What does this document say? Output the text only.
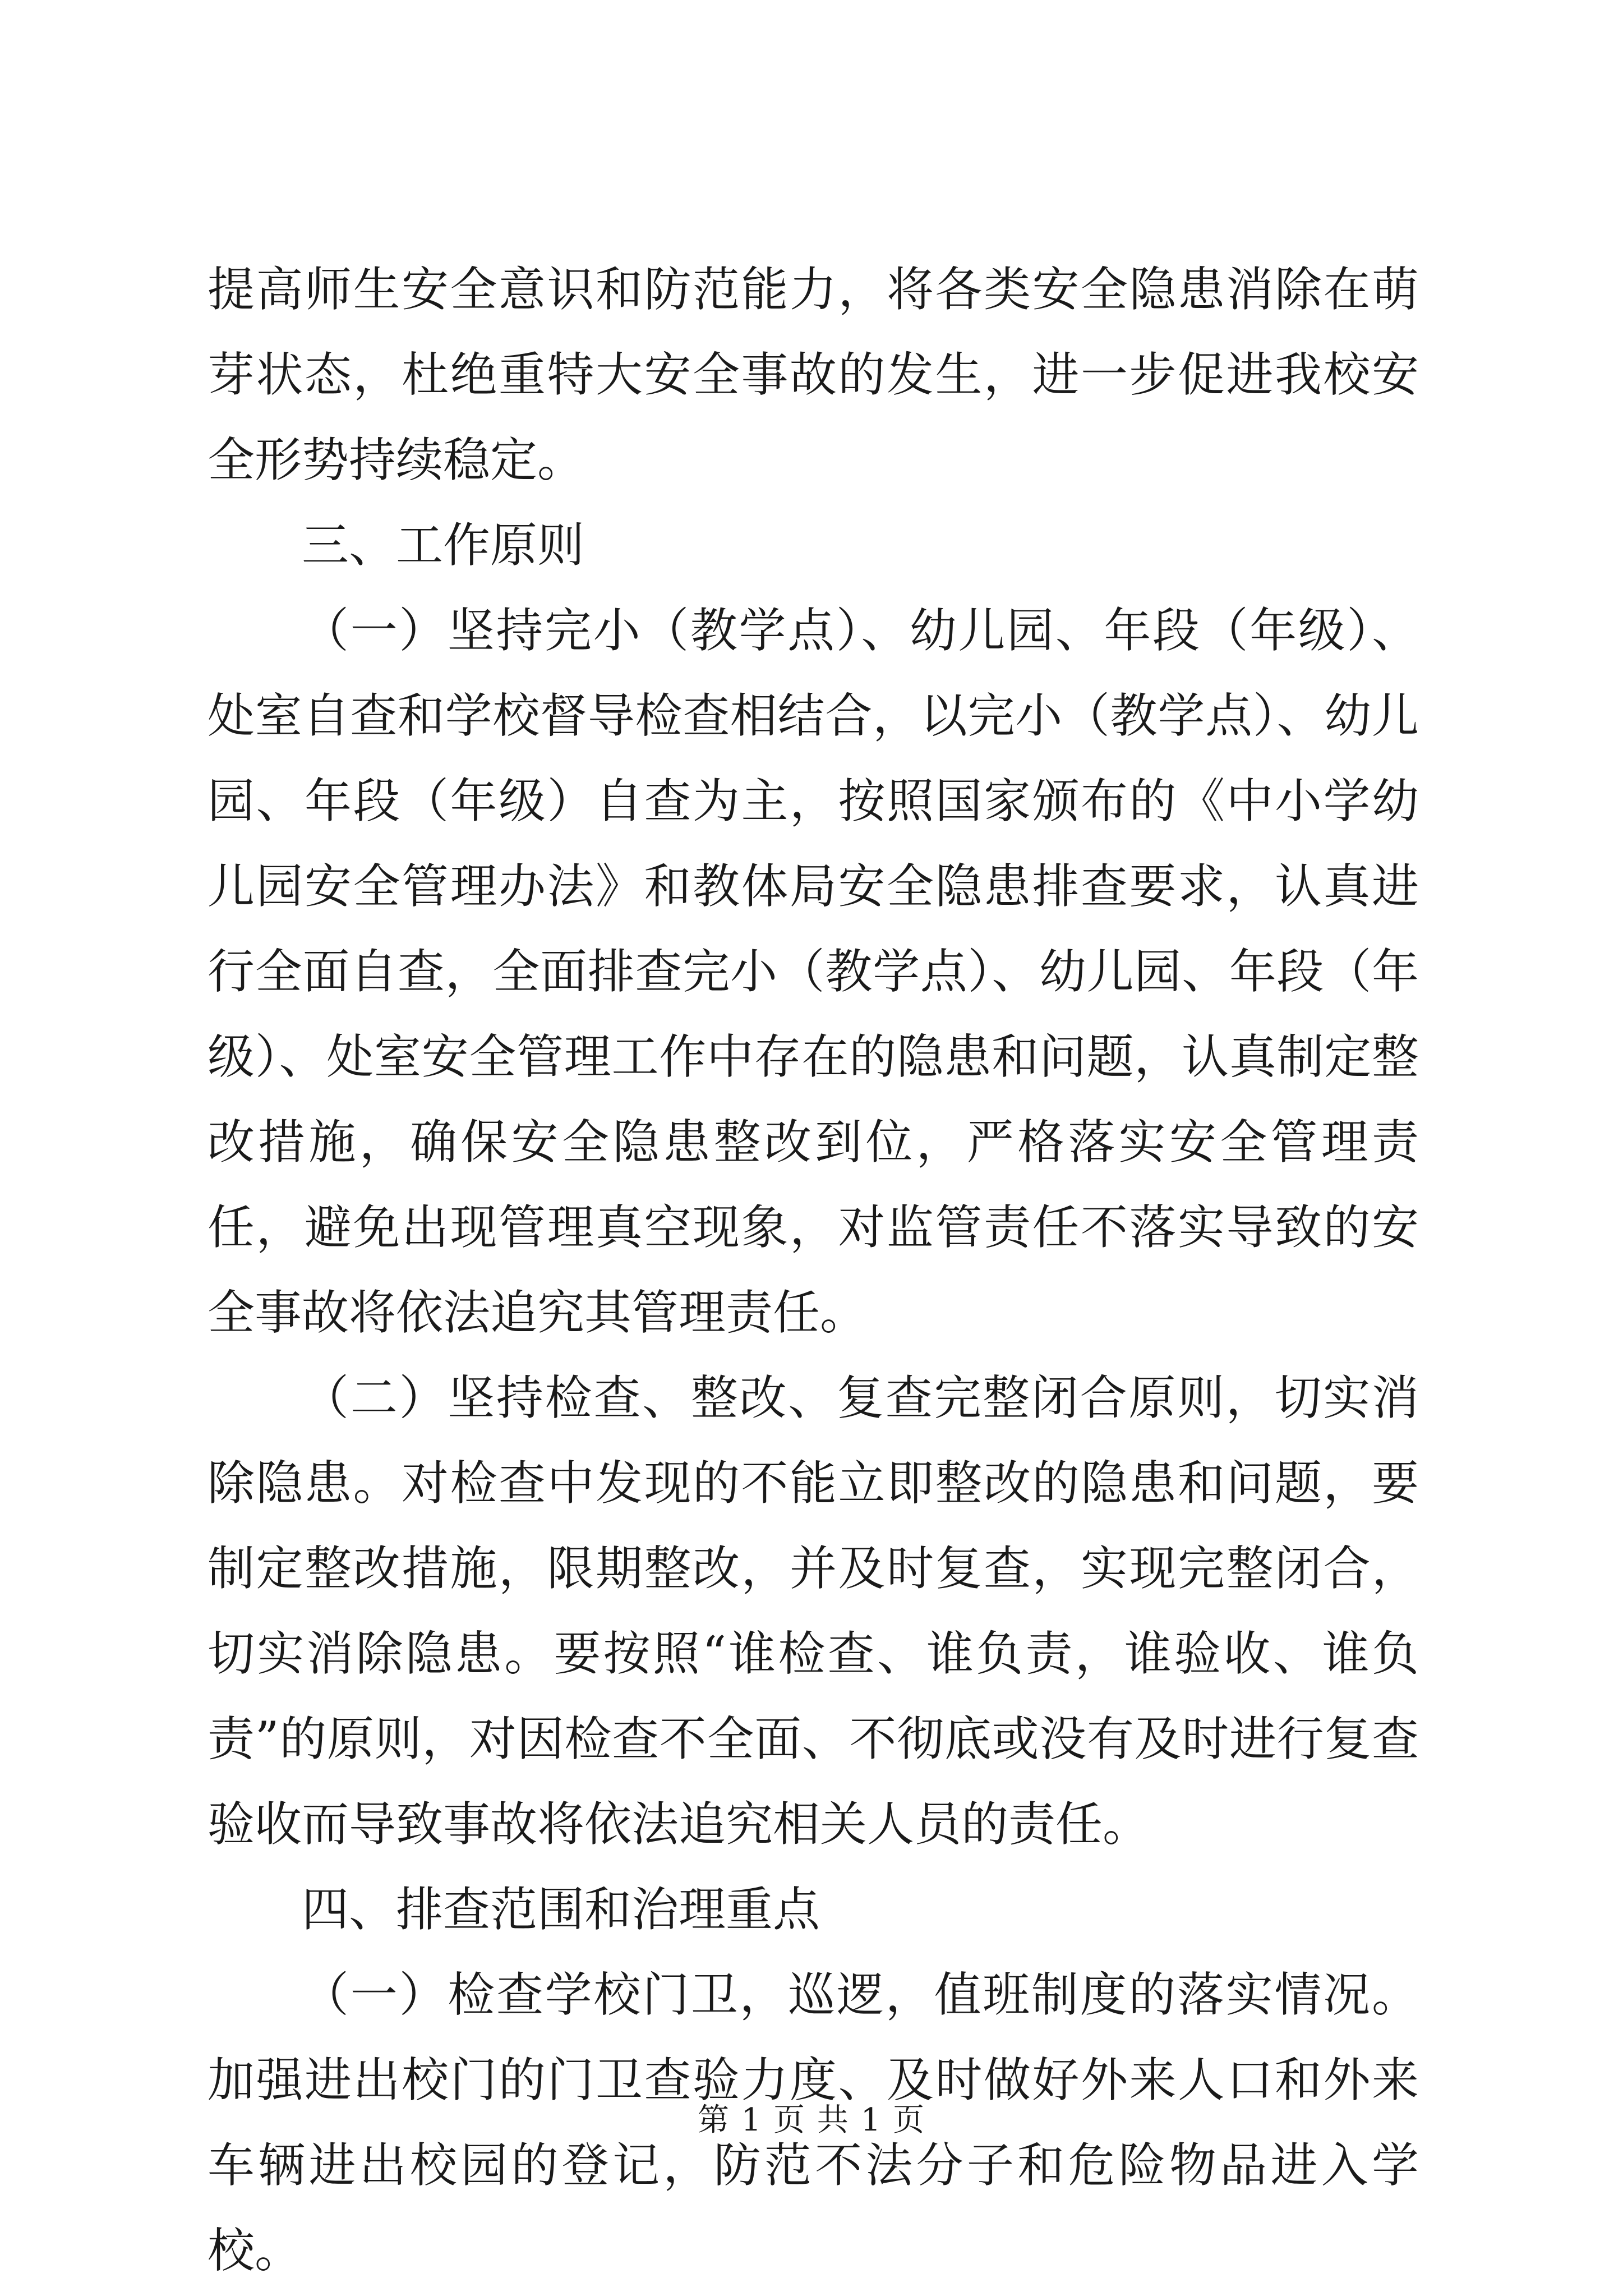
提高师生安全意识和防范能力，将各类安全隐患消除在萌芽状态，杜绝重特大安全事故的发生，进一步促进我校安全形势持续稳定。

三、工作原则

（一）坚持完小（教学点）、幼儿园、年段（年级）、处室自查和学校督导检查相结合，以完小（教学点）、幼儿园、年段（年级）自查为主，按照国家颁布的《中小学幼儿园安全管理办法》和教体局安全隐患排查要求，认真进行全面自查，全面排查完小（教学点）、幼儿园、年段（年级）、处室安全管理工作中存在的隐患和问题，认真制定整改措施，确保安全隐患整改到位，严格落实安全管理责任，避免出现管理真空现象，对监管责任不落实导致的安全事故将依法追究其管理责任。

（二）坚持检查、整改、复查完整闭合原则，切实消除隐患。对检查中发现的不能立即整改的隐患和问题，要制定整改措施，限期整改，并及时复查，实现完整闭合，切实消除隐患。要按照“谁检查、谁负责，谁验收、谁负责”的原则，对因检查不全面、不彻底或没有及时进行复查验收而导致事故将依法追究相关人员的责任。

四、排查范围和治理重点

（一）检查学校门卫，巡逻，值班制度的落实情况。加强进出校门的门卫查验力度、及时做好外来人口和外来车辆进出校园的登记，防范不法分子和危险物品进入学校。

第 1 页 共 1 页
